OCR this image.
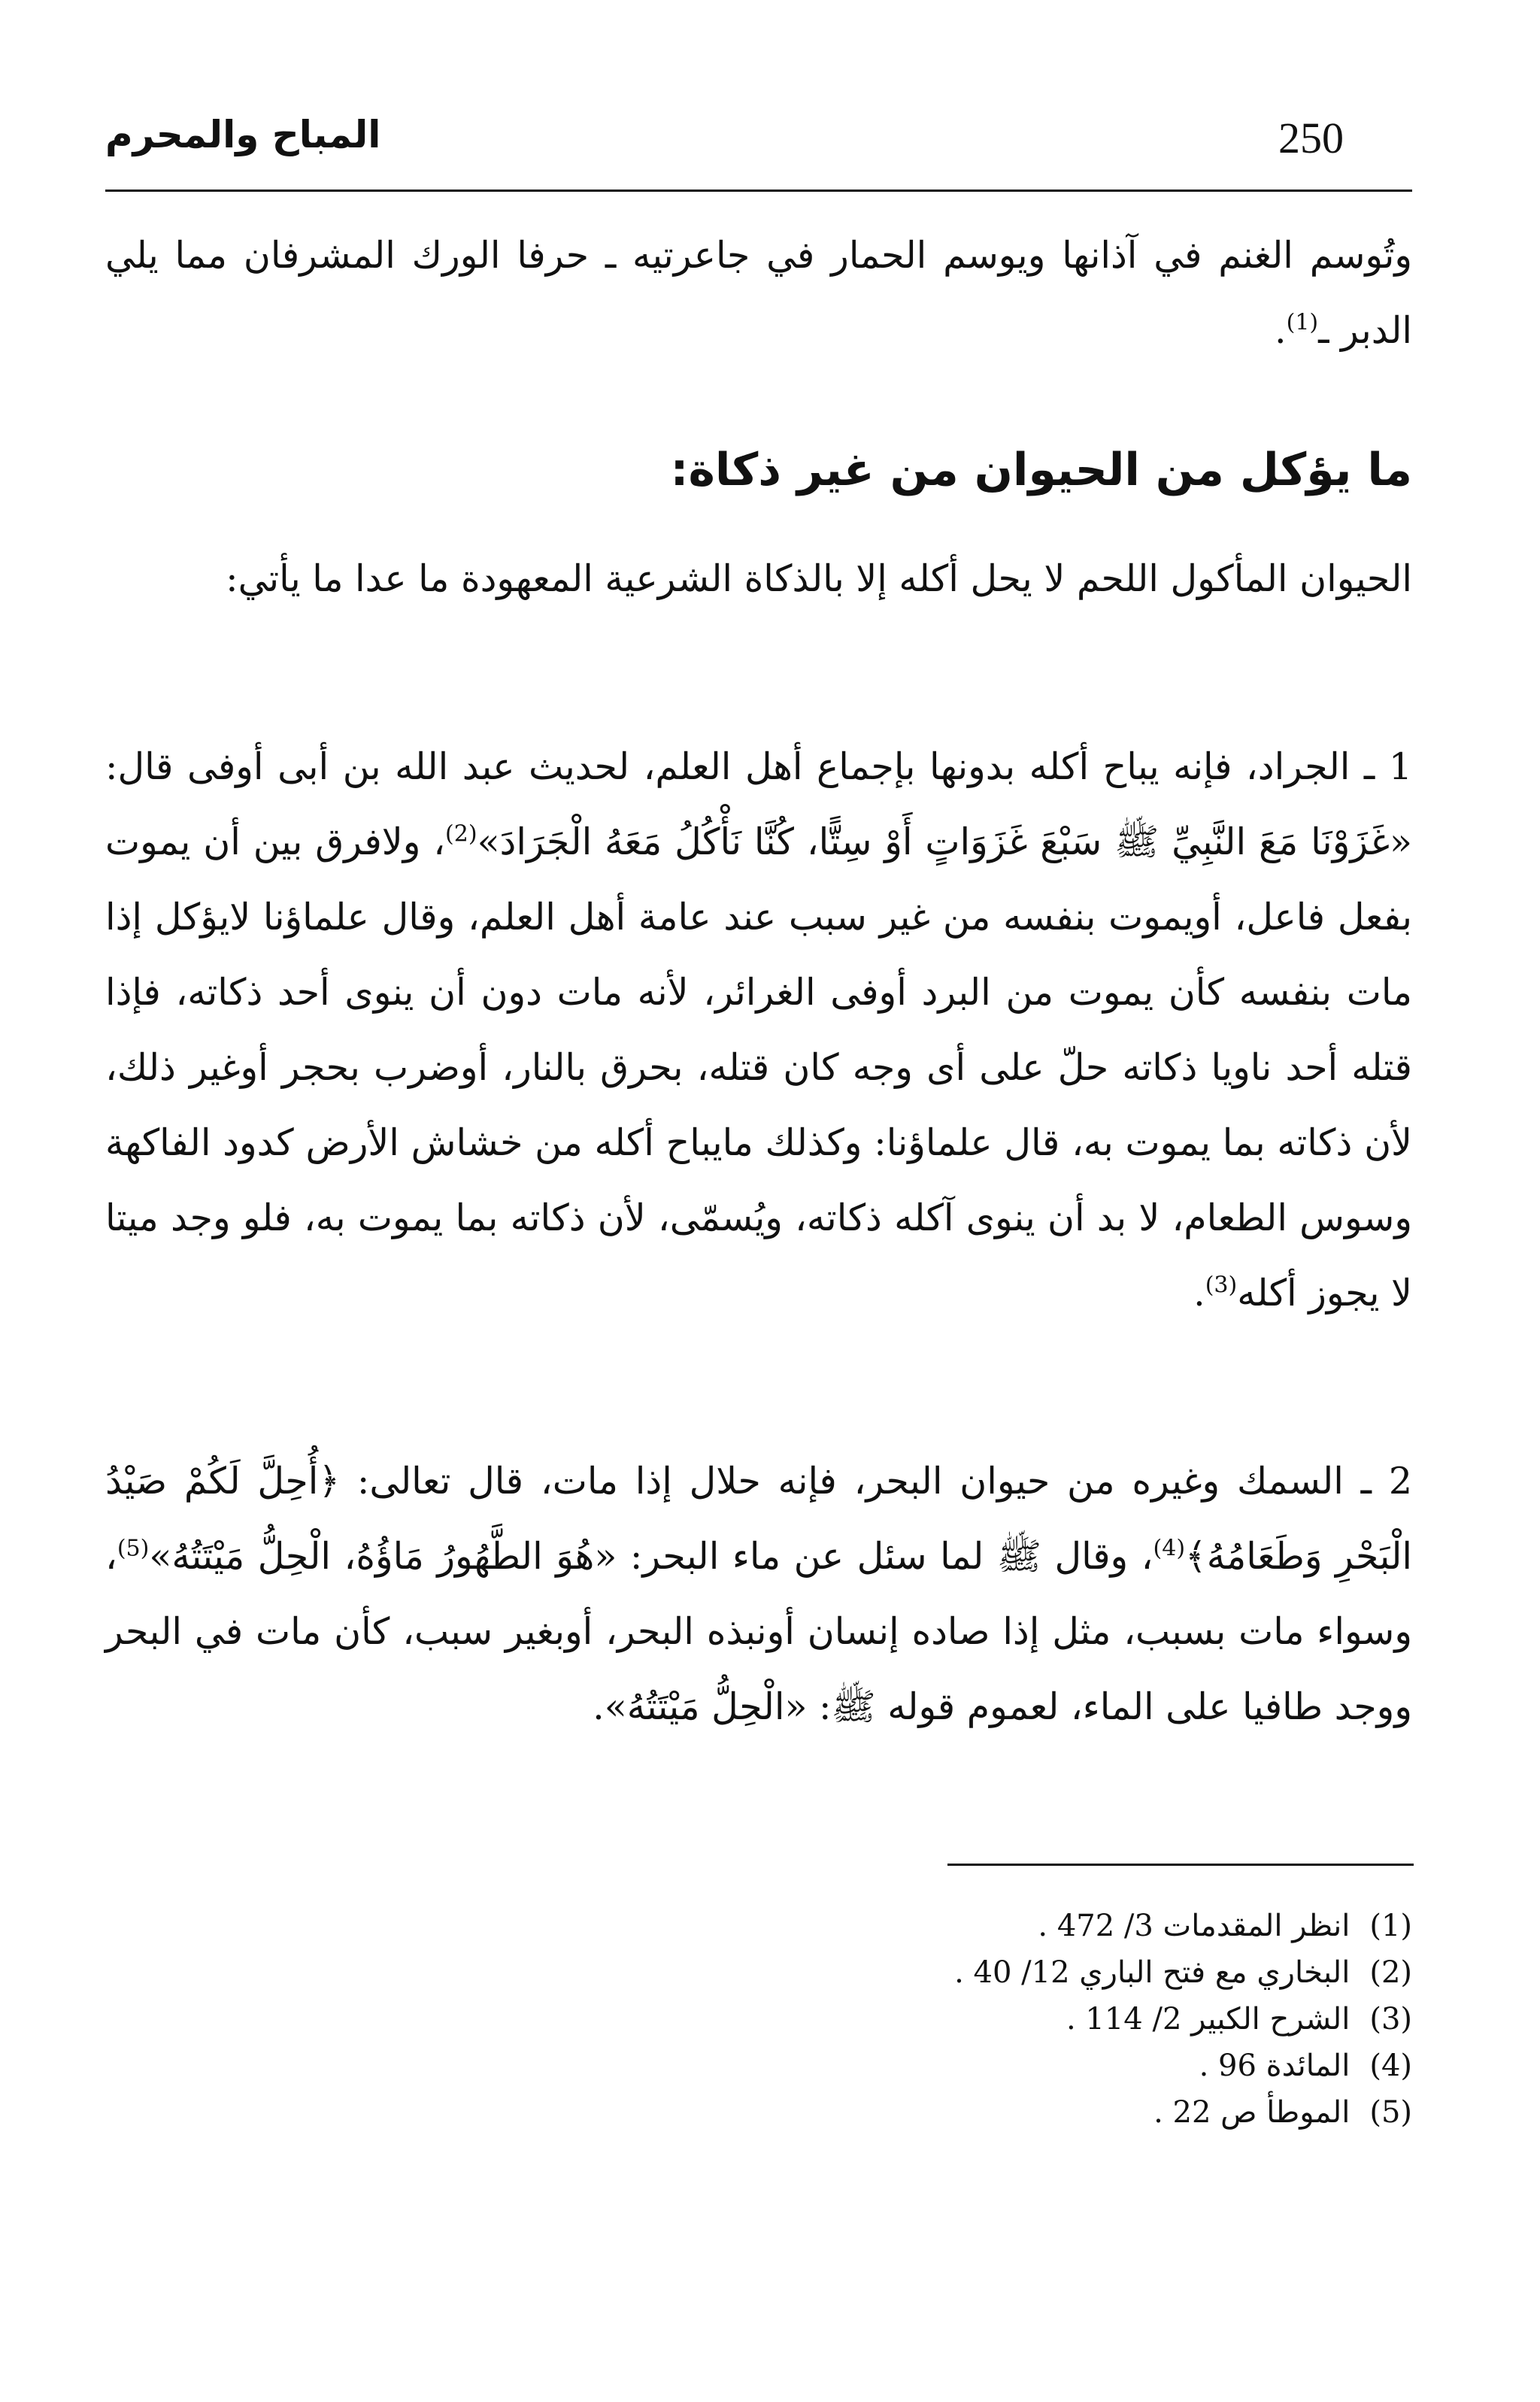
250
المباح والمحرم

وتُوسم الغنم في آذانها ويوسم الحمار في جاعرتيه ـ حرفا الورك المشرفان مما يلي الدبر ـ$^{(1)}$.

ما يؤكل من الحيوان من غير ذكاة:

الحيوان المأكول اللحم لا يحل أكله إلا بالذكاة الشرعية المعهودة ما عدا ما يأتي:

1 ـ الجراد، فإنه يباح أكله بدونها بإجماع أهل العلم، لحديث عبد الله بن أبى أوفى قال: «غَزَوْنَا مَعَ النَّبِيِّ ﷺ سَبْعَ غَزَوَاتٍ أَوْ سِتًّا، كُنَّا نَأْكُلُ مَعَهُ الْجَرَادَ»$^{(2)}$، ولافرق بين أن يموت بفعل فاعل، أويموت بنفسه من غير سبب عند عامة أهل العلم، وقال علماؤنا لايؤكل إذا مات بنفسه كأن يموت من البرد أوفى الغرائر، لأنه مات دون أن ينوى أحد ذكاته، فإذا قتله أحد ناويا ذكاته حلّ على أى وجه كان قتله، بحرق بالنار، أوضرب بحجر أوغير ذلك، لأن ذكاته بما يموت به، قال علماؤنا: وكذلك مايباح أكله من خشاش الأرض كدود الفاكهة وسوس الطعام، لا بد أن ينوى آكله ذكاته، ويُسمّى، لأن ذكاته بما يموت به، فلو وجد ميتا لا يجوز أكله$^{(3)}$.

2 ـ السمك وغيره من حيوان البحر، فإنه حلال إذا مات، قال تعالى: ﴿أُحِلَّ لَكُمْ صَيْدُ الْبَحْرِ وَطَعَامُهُ﴾$^{(4)}$، وقال ﷺ لما سئل عن ماء البحر: «هُوَ الطَّهُورُ مَاؤُهُ، الْحِلُّ مَيْتَتُهُ»$^{(5)}$، وسواء مات بسبب، مثل إذا صاده إنسان أونبذه البحر، أوبغير سبب، كأن مات في البحر ووجد طافيا على الماء، لعموم قوله ﷺ: «الْحِلُّ مَيْتَتُهُ».

(1)انظر المقدمات 3/ 472 .
(2)البخاري مع فتح الباري 12/ 40 .
(3)الشرح الكبير 2/ 114 .
(4)المائدة 96 .
(5)الموطأ ص 22 .
